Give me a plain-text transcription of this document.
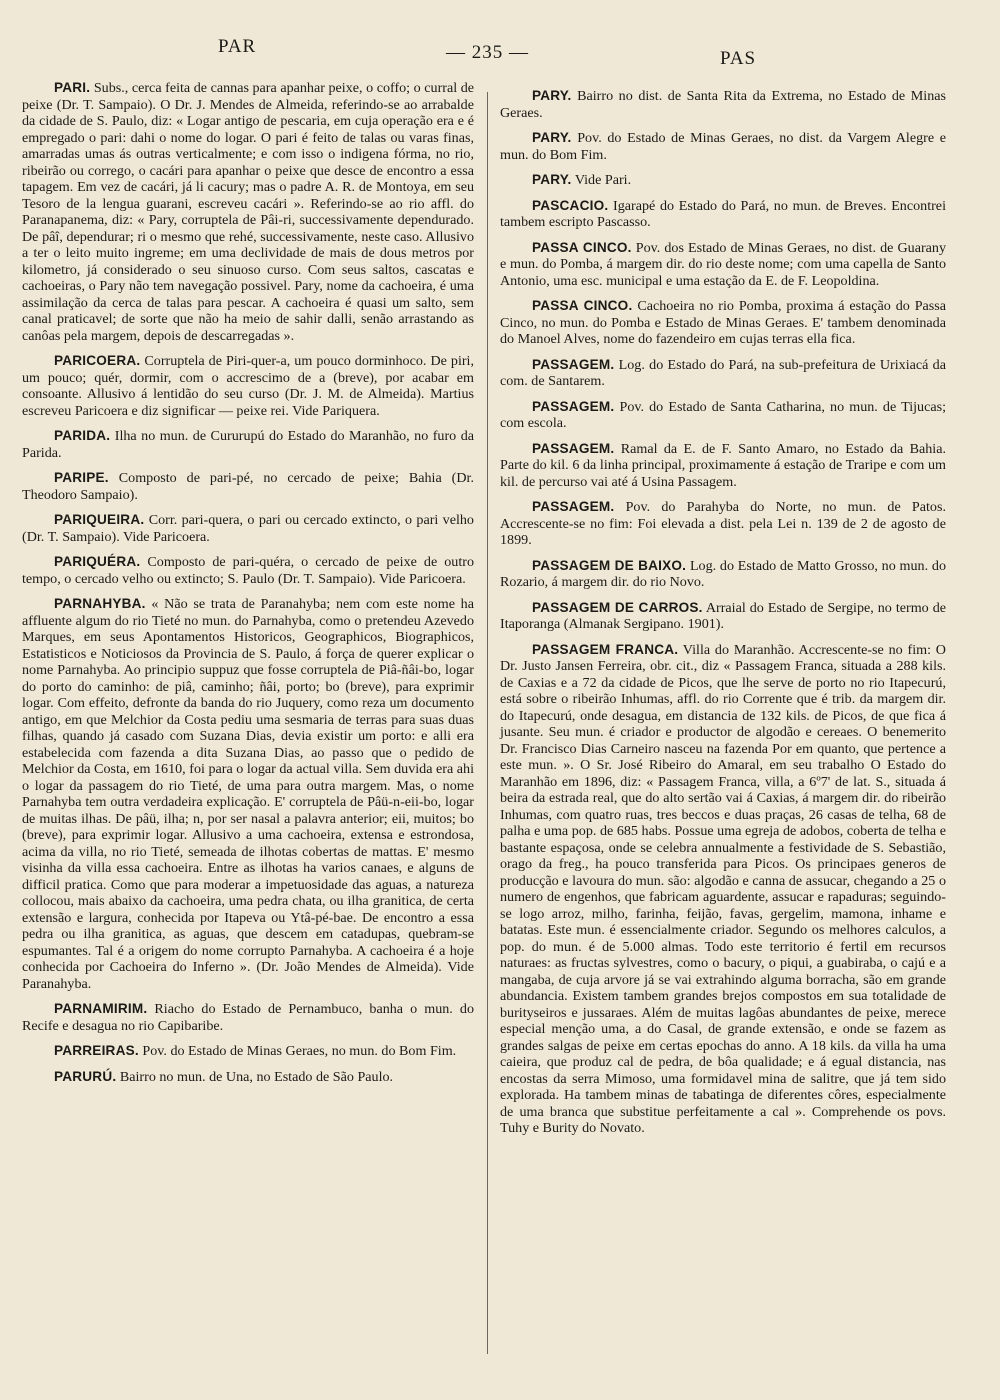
PAR	— 235 —	PAS

PARI. Subs., cerca feita de cannas para apanhar peixe, o coffo; o curral de peixe (Dr. T. Sampaio). O Dr. J. Mendes de Almeida, referindo-se ao arrabalde da cidade de S. Paulo, diz: « Logar antigo de pescaria, em cuja operação era e é empregado o pari: dahi o nome do logar. O pari é feito de talas ou varas finas, amarradas umas ás outras verticalmente; e com isso o indigena fórma, no rio, ribeirão ou corrego, o cacári para apanhar o peixe que desce de encontro a essa tapagem. Em vez de cacári, já li cacury; mas o padre A. R. de Montoya, em seu Tesoro de la lengua guarani, escreveu cacári ». Referindo-se ao rio affl. do Paranapanema, diz: « Pary, corruptela de Pâi-ri, successivamente dependurado. De pâî, dependurar; ri o mesmo que rehé, successivamente, neste caso. Allusivo a ter o leito muito ingreme; em uma declividade de mais de dous metros por kilometro, já considerado o seu sinuoso curso. Com seus saltos, cascatas e cachoeiras, o Pary não tem navegação possivel. Pary, nome da cachoeira, é uma assimilação da cerca de talas para pescar. A cachoeira é quasi um salto, sem canal praticavel; de sorte que não ha meio de sahir dalli, senão arrastando as canôas pela margem, depois de descarregadas ».

PARICOERA. Corruptela de Piri-quer-a, um pouco dorminhoco. De piri, um pouco; quér, dormir, com o accrescimo de a (breve), por acabar em consoante. Allusivo á lentidão do seu curso (Dr. J. M. de Almeida). Martius escreveu Paricoera e diz significar — peixe rei. Vide Pariquera.

PARIDA. Ilha no mun. de Cururupú do Estado do Maranhão, no furo da Parida.

PARIPE. Composto de pari-pé, no cercado de peixe; Bahia (Dr. Theodoro Sampaio).

PARIQUEIRA. Corr. pari-quera, o pari ou cercado extincto, o pari velho (Dr. T. Sampaio). Vide Paricoera.

PARIQUÉRA. Composto de pari-quéra, o cercado de peixe de outro tempo, o cercado velho ou extincto; S. Paulo (Dr. T. Sampaio). Vide Paricoera.

PARNAHYBA. « Não se trata de Paranahyba; nem com este nome ha affluente algum do rio Tieté no mun. do Parnahyba, como o pretendeu Azevedo Marques, em seus Apontamentos Historicos, Geographicos, Biographicos, Estatisticos e Noticiosos da Provincia de S. Paulo, á força de querer explicar o nome Parnahyba. Ao principio suppuz que fosse corruptela de Piâ-ñâi-bo, logar do porto do caminho: de piâ, caminho; ñâi, porto; bo (breve), para exprimir logar. Com effeito, defronte da banda do rio Juquery, como reza um documento antigo, em que Melchior da Costa pediu uma sesmaria de terras para suas duas filhas, quando já casado com Suzana Dias, devia existir um porto: e alli era estabelecida com fazenda a dita Suzana Dias, ao passo que o pedido de Melchior da Costa, em 1610, foi para o logar da actual villa. Sem duvida era ahi o logar da passagem do rio Tieté, de uma para outra margem. Mas, o nome Parnahyba tem outra verdadeira explicação. E' corruptela de Pâü-n-eii-bo, logar de muitas ilhas. De pâü, ilha; n, por ser nasal a palavra anterior; eii, muitos; bo (breve), para exprimir logar. Allusivo a uma cachoeira, extensa e estrondosa, acima da villa, no rio Tieté, semeada de ilhotas cobertas de mattas. E' mesmo visinha da villa essa cachoeira. Entre as ilhotas ha varios canaes, e alguns de difficil pratica. Como que para moderar a impetuosidade das aguas, a natureza collocou, mais abaixo da cachoeira, uma pedra chata, ou ilha granitica, de certa extensão e largura, conhecida por Itapeva ou Ytâ-pé-bae. De encontro a essa pedra ou ilha granitica, as aguas, que descem em catadupas, quebram-se espumantes. Tal é a origem do nome corrupto Parnahyba. A cachoeira é a hoje conhecida por Cachoeira do Inferno ». (Dr. João Mendes de Almeida). Vide Paranahyba.

PARNAMIRIM. Riacho do Estado de Pernambuco, banha o mun. do Recife e desagua no rio Capibaribe.

PARREIRAS. Pov. do Estado de Minas Geraes, no mun. do Bom Fim.

PARURÚ. Bairro no mun. de Una, no Estado de São Paulo.

PARY. Bairro no dist. de Santa Rita da Extrema, no Estado de Minas Geraes.

PARY. Pov. do Estado de Minas Geraes, no dist. da Vargem Alegre e mun. do Bom Fim.

PARY. Vide Pari.

PASCACIO. Igarapé do Estado do Pará, no mun. de Breves. Encontrei tambem escripto Pascasso.

PASSA CINCO. Pov. dos Estado de Minas Geraes, no dist. de Guarany e mun. do Pomba, á margem dir. do rio deste nome; com uma capella de Santo Antonio, uma esc. municipal e uma estação da E. de F. Leopoldina.

PASSA CINCO. Cachoeira no rio Pomba, proxima á estação do Passa Cinco, no mun. do Pomba e Estado de Minas Geraes. E' tambem denominada do Manoel Alves, nome do fazendeiro em cujas terras ella fica.

PASSAGEM. Log. do Estado do Pará, na sub-prefeitura de Urixiacá da com. de Santarem.

PASSAGEM. Pov. do Estado de Santa Catharina, no mun. de Tijucas; com escola.

PASSAGEM. Ramal da E. de F. Santo Amaro, no Estado da Bahia. Parte do kil. 6 da linha principal, proximamente á estação de Traripe e com um kil. de percurso vai até á Usina Passagem.

PASSAGEM. Pov. do Parahyba do Norte, no mun. de Patos. Accrescente-se no fim: Foi elevada a dist. pela Lei n. 139 de 2 de agosto de 1899.

PASSAGEM DE BAIXO. Log. do Estado de Matto Grosso, no mun. do Rozario, á margem dir. do rio Novo.

PASSAGEM DE CARROS. Arraial do Estado de Sergipe, no termo de Itaporanga (Almanak Sergipano. 1901).

PASSAGEM FRANCA. Villa do Maranhão. Accrescente-se no fim: O Dr. Justo Jansen Ferreira, obr. cit., diz « Passagem Franca, situada a 288 kils. de Caxias e a 72 da cidade de Picos, que lhe serve de porto no rio Itapecurú, está sobre o ribeirão Inhumas, affl. do rio Corrente que é trib. da margem dir. do Itapecurú, onde desagua, em distancia de 132 kils. de Picos, de que fica á jusante. Seu mun. é criador e productor de algodão e cereaes. O benemerito Dr. Francisco Dias Carneiro nasceu na fazenda Por em quanto, que pertence a este mun. ». O Sr. José Ribeiro do Amaral, em seu trabalho O Estado do Maranhão em 1896, diz: « Passagem Franca, villa, a 6º7' de lat. S., situada á beira da estrada real, que do alto sertão vai á Caxias, á margem dir. do ribeirão Inhumas, com quatro ruas, tres beccos e duas praças, 26 casas de telha, 68 de palha e uma pop. de 685 habs. Possue uma egreja de adobos, coberta de telha e bastante espaçosa, onde se celebra annualmente a festividade de S. Sebastião, orago da freg., ha pouco transferida para Picos. Os principaes generos de producção e lavoura do mun. são: algodão e canna de assucar, chegando a 25 o numero de engenhos, que fabricam aguardente, assucar e rapaduras; seguindo-se logo arroz, milho, farinha, feijão, favas, gergelim, mamona, inhame e batatas. Este mun. é essencialmente criador. Segundo os melhores calculos, a pop. do mun. é de 5.000 almas. Todo este territorio é fertil em recursos naturaes: as fructas sylvestres, como o bacury, o piqui, a guabiraba, o cajú e a mangaba, de cuja arvore já se vai extrahindo alguma borracha, são em grande abundancia. Existem tambem grandes brejos compostos em sua totalidade de burityseiros e jussaraes. Além de muitas lagôas abundantes de peixe, merece especial menção uma, a do Casal, de grande extensão, e onde se fazem as grandes salgas de peixe em certas epochas do anno. A 18 kils. da villa ha uma caieira, que produz cal de pedra, de bôa qualidade; e á egual distancia, nas encostas da serra Mimoso, uma formidavel mina de salitre, que já tem sido explorada. Ha tambem minas de tabatinga de diferentes côres, especialmente de uma branca que substitue perfeitamente a cal ». Comprehende os povs. Tuhy e Burity do Novato.
